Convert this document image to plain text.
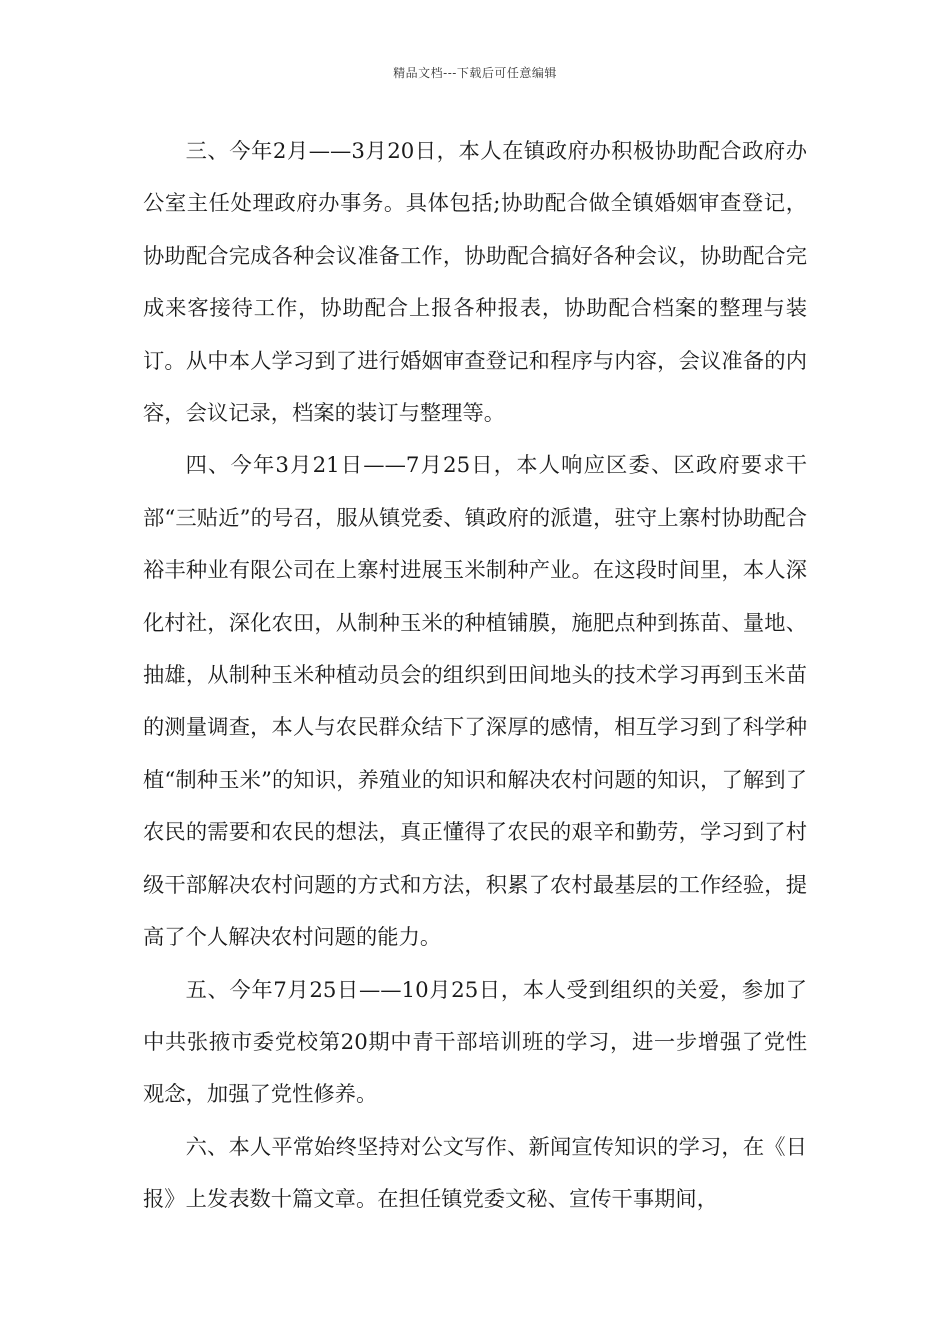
精品文档---下载后可任意编辑

三、今年2月——3月20日，本人在镇政府办积极协助配合政府办公室主任处理政府办事务。具体包括;协助配合做全镇婚姻审查登记，协助配合完成各种会议准备工作，协助配合搞好各种会议，协助配合完成来客接待工作，协助配合上报各种报表，协助配合档案的整理与装订。从中本人学习到了进行婚姻审查登记和程序与内容，会议准备的内容，会议记录，档案的装订与整理等。

四、今年3月21日——7月25日，本人响应区委、区政府要求干部“三贴近”的号召，服从镇党委、镇政府的派遣，驻守上寨村协助配合裕丰种业有限公司在上寨村进展玉米制种产业。在这段时间里，本人深化村社，深化农田，从制种玉米的种植铺膜，施肥点种到拣苗、量地、抽雄，从制种玉米种植动员会的组织到田间地头的技术学习再到玉米苗的测量调查，本人与农民群众结下了深厚的感情，相互学习到了科学种植“制种玉米”的知识，养殖业的知识和解决农村问题的知识，了解到了农民的需要和农民的想法，真正懂得了农民的艰辛和勤劳，学习到了村级干部解决农村问题的方式和方法，积累了农村最基层的工作经验，提高了个人解决农村问题的能力。

五、今年7月25日——10月25日，本人受到组织的关爱，参加了中共张掖市委党校第20期中青干部培训班的学习，进一步增强了党性观念，加强了党性修养。

六、本人平常始终坚持对公文写作、新闻宣传知识的学习，在《日报》上发表数十篇文章。在担任镇党委文秘、宣传干事期间，
